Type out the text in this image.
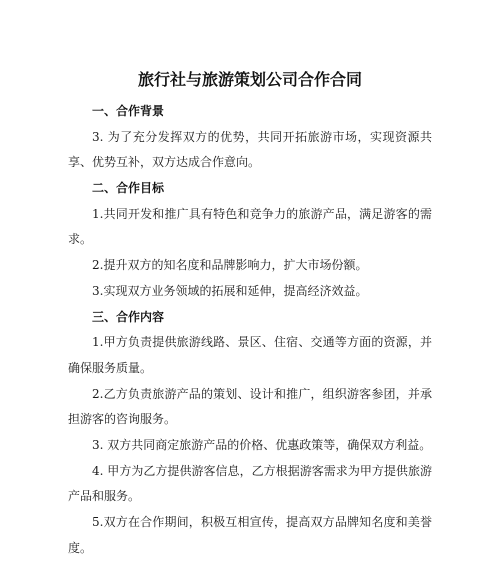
旅行社与旅游策划公司合作合同
一、合作背景
3. 为了充分发挥双方的优势，共同开拓旅游市场，实现资源共
享、优势互补，双方达成合作意向。
二、合作目标
1.共同开发和推广具有特色和竞争力的旅游产品，满足游客的需
求。
2.提升双方的知名度和品牌影响力，扩大市场份额。
3.实现双方业务领域的拓展和延伸，提高经济效益。
三、合作内容
1.甲方负责提供旅游线路、景区、住宿、交通等方面的资源，并
确保服务质量。
2.乙方负责旅游产品的策划、设计和推广，组织游客参团，并承
担游客的咨询服务。
3. 双方共同商定旅游产品的价格、优惠政策等，确保双方利益。
4. 甲方为乙方提供游客信息，乙方根据游客需求为甲方提供旅游
产品和服务。
5.双方在合作期间，积极互相宣传，提高双方品牌知名度和美誉
度。
